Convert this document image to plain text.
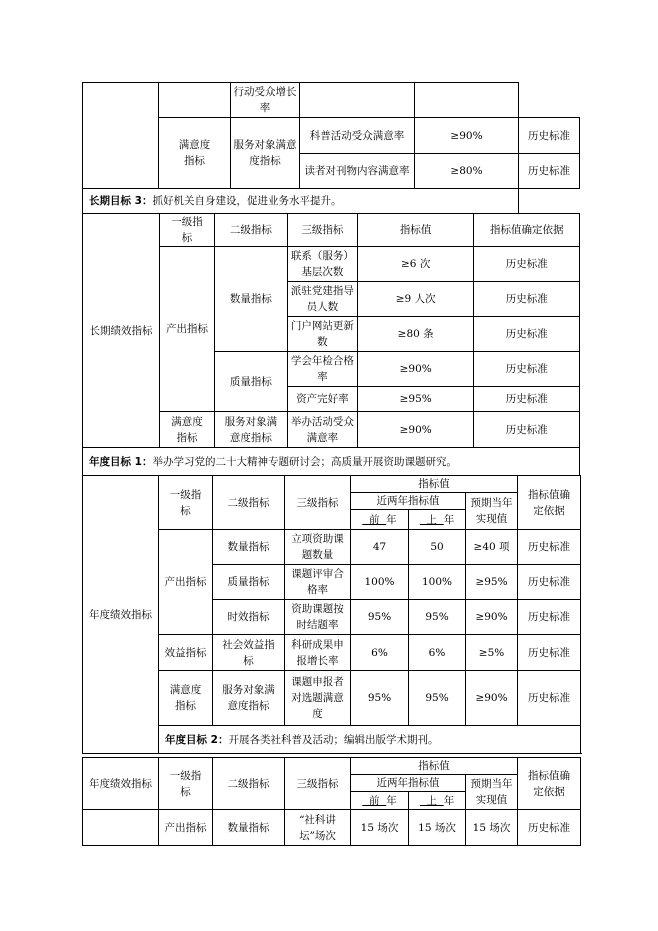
		行动受众增长率			
	满意度指标	服务对象满意度指标	科普活动受众满意率	≥90%	历史标准
			读者对刊物内容满意率	≥80%	历史标准
长期目标 3：抓好机关自身建设，促进业务水平提升。					
长期绩效指标	一级指标	二级指标	三级指标	指标值	指标值确定依据
	产出指标	数量指标	联系（服务）基层次数	≥6 次	历史标准
			派驻党建指导员人数	≥9 人次	历史标准
			门户网站更新数	≥80 条	历史标准
		质量指标	学会年检合格率	≥90%	历史标准
			资产完好率	≥95%	历史标准
	满意度指标	服务对象满意度指标	举办活动受众满意率	≥90%	历史标准
年度目标 1：举办学习党的二十大精神专题研讨会；高质量开展资助课题研究。					
年度绩效指标	一级指标	二级指标	三级指标	指标值			指标值确定依据
				近两年指标值		预期当年实现值	
				前 年	上 年		
	产出指标	数量指标	立项资助课题数量	47	50	≥40 项	历史标准
		质量指标	课题评审合格率	100%	100%	≥95%	历史标准
		时效指标	资助课题按时结题率	95%	95%	≥90%	历史标准
	效益指标	社会效益指标	科研成果申报增长率	6%	6%	≥5%	历史标准
	满意度指标	服务对象满意度指标	课题申报者对选题满意度	95%	95%	≥90%	历史标准
	年度目标 2：开展各类社科普及活动；编辑出版学术期刊。						
年度绩效指标	一级指标	二级指标	三级指标	指标值			指标值确定依据
				近两年指标值		预期当年实现值	
				前 年	上 年		
	产出指标	数量指标	“社科讲坛”场次	15 场次	15 场次	15 场次	历史标准
